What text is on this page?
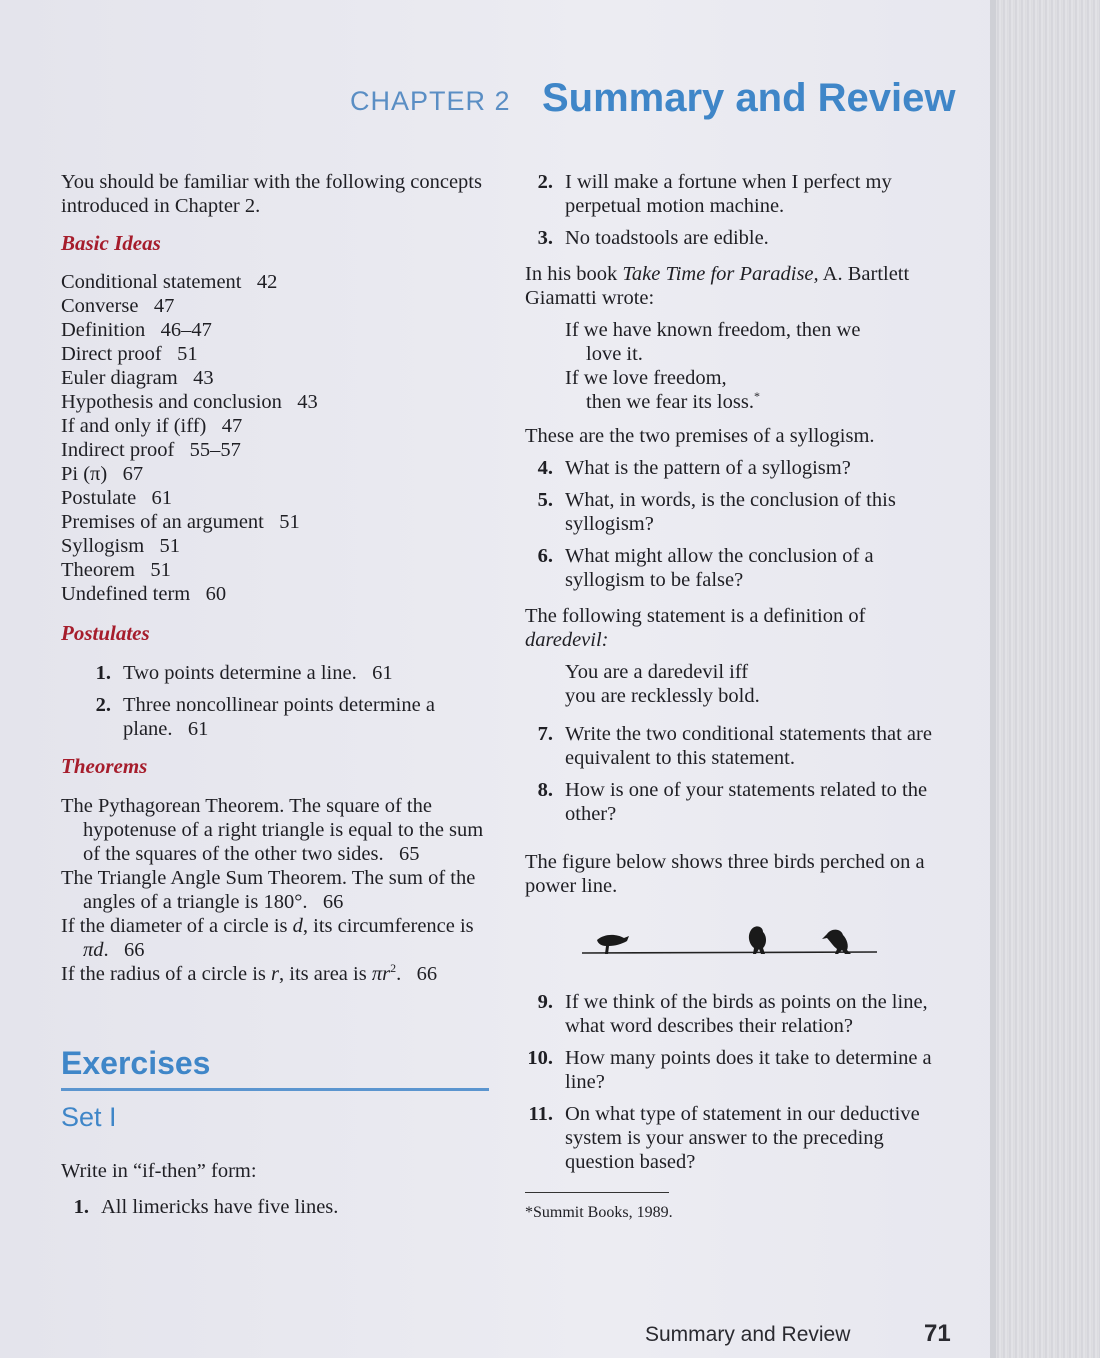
CHAPTER 2 Summary and Review

You should be familiar with the following concepts introduced in Chapter 2.

Basic Ideas

Conditional statement 42
Converse 47
Definition 46–47
Direct proof 51
Euler diagram 43
Hypothesis and conclusion 43
If and only if (iff) 47
Indirect proof 55–57
Pi (π) 67
Postulate 61
Premises of an argument 51
Syllogism 51
Theorem 51
Undefined term 60

Postulates

1. Two points determine a line. 61
2. Three noncollinear points determine a plane. 61

Theorems

The Pythagorean Theorem. The square of the hypotenuse of a right triangle is equal to the sum of the squares of the other two sides. 65

The Triangle Angle Sum Theorem. The sum of the angles of a triangle is 180°. 66

If the diameter of a circle is d, its circumference is πd. 66

If the radius of a circle is r, its area is $\pi r^2$. 66

Exercises
Set I

Write in “if-then” form:

1. All limericks have five lines.
2. I will make a fortune when I perfect my perpetual motion machine.
3. No toadstools are edible.

In his book Take Time for Paradise, A. Bartlett Giamatti wrote:

If we have known freedom, then we
love it.
If we love freedom,
then we fear its loss.*

These are the two premises of a syllogism.

4. What is the pattern of a syllogism?
5. What, in words, is the conclusion of this syllogism?
6. What might allow the conclusion of a syllogism to be false?

The following statement is a definition of
daredevil:

You are a daredevil iff
you are recklessly bold.
7. Write the two conditional statements that are equivalent to this statement.
8. How is one of your statements related to the other?

The figure below shows three birds perched on a power line.

9. If we think of the birds as points on the line, what word describes their relation?
10. How many points does it take to determine a line?
11. On what type of statement in our deductive system is your answer to the preceding question based?

*Summit Books, 1989.

Summary and Review	71
